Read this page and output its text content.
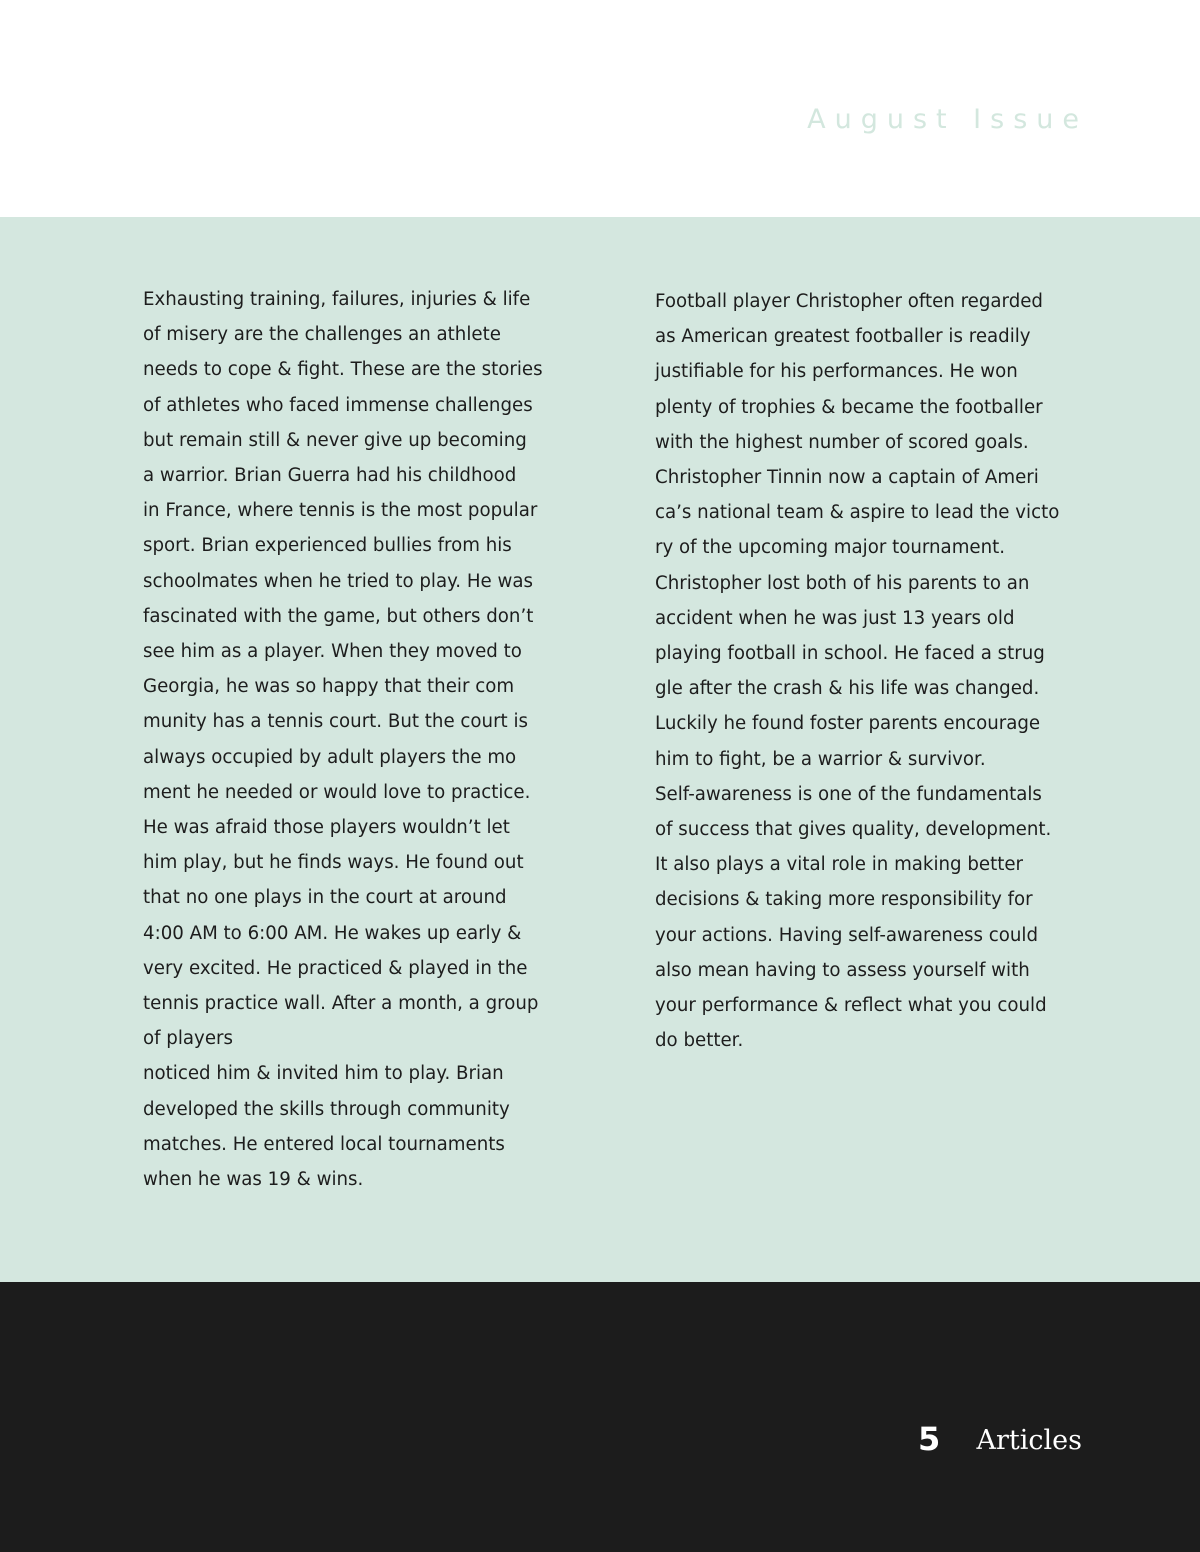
August Issue

Exhausting training, failures, injuries & life
of misery are the challenges an athlete
needs to cope & fight. These are the stories
of athletes who faced immense challenges
but remain still & never give up becoming
a warrior. Brian Guerra had his childhood
in France, where tennis is the most popular
sport. Brian experienced bullies from his
schoolmates when he tried to play. He was
fascinated with the game, but others don’t
see him as a player. When they moved to
Georgia, he was so happy that their com
munity has a tennis court. But the court is
always occupied by adult players the mo
ment he needed or would love to practice.
He was afraid those players wouldn’t let
him play, but he finds ways. He found out
that no one plays in the court at around
4:00 AM to 6:00 AM. He wakes up early &
very excited. He practiced & played in the
tennis practice wall. After a month, a group
of players
noticed him & invited him to play. Brian
developed the skills through community
matches. He entered local tournaments
when he was 19 & wins.

Football player Christopher often regarded
as American greatest footballer is readily
justifiable for his performances. He won
plenty of trophies & became the footballer
with the highest number of scored goals.
Christopher Tinnin now a captain of Ameri
ca’s national team & aspire to lead the victo
ry of the upcoming major tournament.
Christopher lost both of his parents to an
accident when he was just 13 years old
playing football in school. He faced a strug
gle after the crash & his life was changed.
Luckily he found foster parents encourage
him to fight, be a warrior & survivor.
Self-awareness is one of the fundamentals
of success that gives quality, development.
It also plays a vital role in making better
decisions & taking more responsibility for
your actions. Having self-awareness could
also mean having to assess yourself with
your performance & reflect what you could
do better.

5 Articles
